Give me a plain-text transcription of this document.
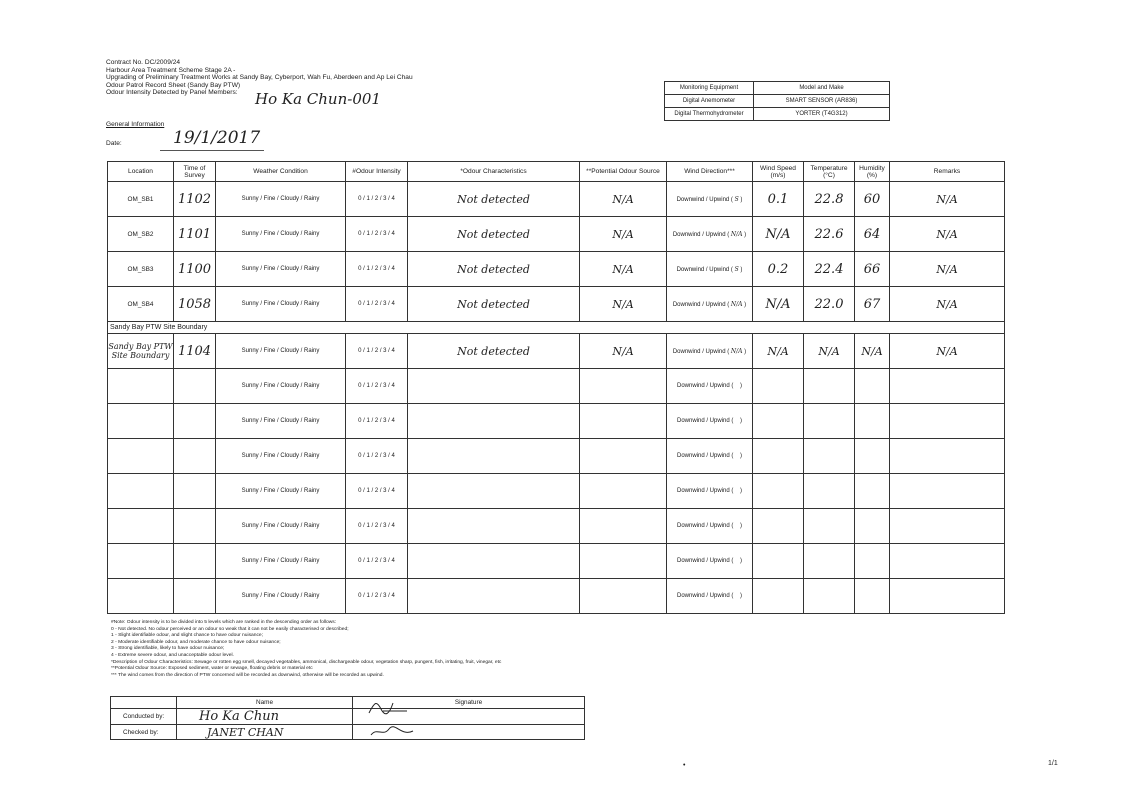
Contract No. DC/2009/24
Harbour Area Treatment Scheme Stage 2A -
Upgrading of Preliminary Treatment Works at Sandy Bay, Cyberport, Wah Fu, Aberdeen and Ap Lei Chau
Odour Patrol Record Sheet (Sandy Bay PTW)
Odour Intensity Detected by Panel Members:	Ho Ka Chun-001
General Information
Date:	19/1/2017
Monitoring Equipment	Model and Make
Digital Anemometer	SMART SENSOR (AR836)
Digital Thermohydrometer	YORTER (T4G312)
Location	Time of Survey	Weather Condition	#Odour Intensity	*Odour Characteristics	**Potential Odour Source	Wind Direction***	Wind Speed (m/s)	Temperature (°C)	Humidity (%)	Remarks
OM_SB1	1102	Sunny / Fine / Cloudy / Rainy	0 / 1 / 2 / 3 / 4	Not detected	N/A	Downwind / Upwind ( S )	0.1	22.8	60	N/A
OM_SB2	1101	Sunny / Fine / Cloudy / Rainy	0 / 1 / 2 / 3 / 4	Not detected	N/A	Downwind / Upwind ( N/A )	N/A	22.6	64	N/A
OM_SB3	1100	Sunny / Fine / Cloudy / Rainy	0 / 1 / 2 / 3 / 4	Not detected	N/A	Downwind / Upwind ( S )	0.2	22.4	66	N/A
OM_SB4	1058	Sunny / Fine / Cloudy / Rainy	0 / 1 / 2 / 3 / 4	Not detected	N/A	Downwind / Upwind ( N/A )	N/A	22.0	67	N/A
Sandy Bay PTW Site Boundary										
Sandy Bay PTW Site Boundary	1104	Sunny / Fine / Cloudy / Rainy	0 / 1 / 2 / 3 / 4	Not detected	N/A	Downwind / Upwind ( N/A )	N/A	N/A	N/A	N/A
		Sunny / Fine / Cloudy / Rainy	0 / 1 / 2 / 3 / 4			Downwind / Upwind (    )				
		Sunny / Fine / Cloudy / Rainy	0 / 1 / 2 / 3 / 4			Downwind / Upwind (    )				
		Sunny / Fine / Cloudy / Rainy	0 / 1 / 2 / 3 / 4			Downwind / Upwind (    )				
		Sunny / Fine / Cloudy / Rainy	0 / 1 / 2 / 3 / 4			Downwind / Upwind (    )				
		Sunny / Fine / Cloudy / Rainy	0 / 1 / 2 / 3 / 4			Downwind / Upwind (    )				
		Sunny / Fine / Cloudy / Rainy	0 / 1 / 2 / 3 / 4			Downwind / Upwind (    )				
		Sunny / Fine / Cloudy / Rainy	0 / 1 / 2 / 3 / 4			Downwind / Upwind (    )				
#Note: Odour intensity is to be divided into 5 levels which are ranked in the descending order as follows:
0 - Not detected. No odour perceived or an odour so weak that it can not be easily characterised or described;
1 - Slight identifiable odour, and slight chance to have odour nuisance;
2 - Moderate identifiable odour, and moderate chance to have odour nuisance;
3 - Strong identifiable, likely to have odour nuisance;
4 - Extreme severe odour, and unacceptable odour level.
*Description of Odour Characteristics: Sewage or rotten egg smell, decayed vegetables, ammonical, dischargeable odour, vegetation sharp, pungent, fish, irritating, fruit, vinegar, etc
**Potential Odour Source: Exposed sediment, water or sewage, floating debris or material etc
*** The wind comes from the direction of PTW concerned will be recorded as downwind, otherwise will be recorded as upwind.
	Name	Signature
Conducted by:	Ho Ka Chun	

Checked by:	JANET CHAN	
•	1/1
